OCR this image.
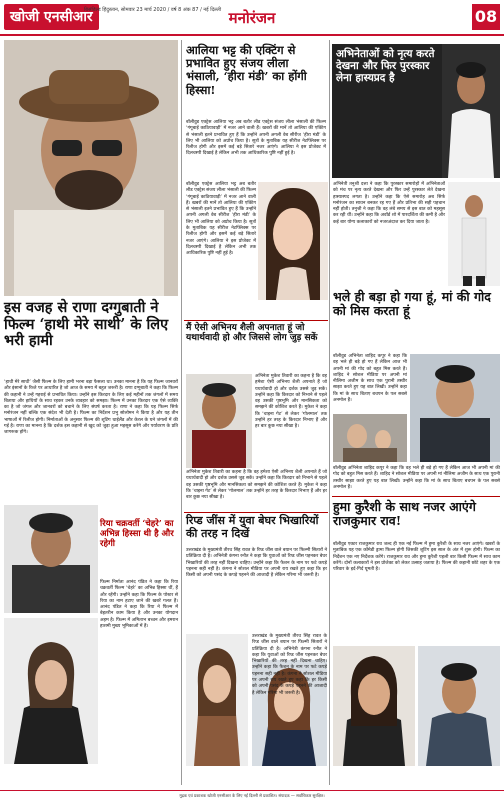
खोजी एनसीआर
बिसंडिल्ड हिंदुस्तान, सोमवार 23 मार्च 2020 / वर्ष 8 अंक 87 / नई दिल्ली मनोरंजन	08
इस वजह से राणा दग्गुबाती ने फिल्म ‘हाथी मेरे साथी’ के लिए भरी हामी
‘हाथी मेरे साथी’ जैसी फिल्म के लिए हामी भरना बड़ा फैसला था। उनका मानना है कि यह फिल्म जानवरों और इंसानों के रिश्ते पर आधारित है जो आज के समय में बहुत जरूरी है। राणा दग्गुबाती ने कहा कि फिल्म की कहानी ने उन्हें गहराई से प्रभावित किया। उन्होंने इस किरदार के लिए कई महीनों तक जंगलों में समय बिताया और हाथियों के साथ रहकर उनके व्यवहार को समझा। फिल्म में उनका किरदार एक ऐसे व्यक्ति का है जो जंगल और जानवरों को बचाने के लिए संघर्ष करता है। राणा ने कहा कि यह फिल्म सिर्फ मनोरंजन नहीं बल्कि एक संदेश भी देती है। फिल्म का निर्देशन प्रभु सोलोमन ने किया है और यह तीन भाषाओं में रिलीज होगी। निर्माताओं के अनुसार फिल्म की शूटिंग थाईलैंड और केरल के घने जंगलों में की गई है। राणा का मानना है कि दर्शक इस कहानी से खुद को जुड़ा हुआ महसूस करेंगे और पर्यावरण के प्रति जागरूक होंगे।
रिया चक्रवर्ती ‘चेहरे’ का अभिन्न हिस्सा थी है और रहेगी
फिल्म निर्माता आनंद पंडित ने कहा कि रिया चक्रवर्ती फिल्म ‘चेहरे’ का अभिन्न हिस्सा थीं, हैं और रहेंगी। उन्होंने कहा कि फिल्म के पोस्टर से रिया का नाम हटाए जाने की खबरें गलत हैं। आनंद पंडित ने कहा कि रिया ने फिल्म में बेहतरीन काम किया है और उनका योगदान अहम है। फिल्म में अमिताभ बच्चन और इमरान हाशमी मुख्य भूमिकाओं में हैं।
आलिया भट्ट की एक्टिंग से प्रभावित हुए संजय लीला भंसाली, ‘हीरा मंडी’ का होंगी हिस्सा!
बॉलीवुड एक्ट्रेस आलिया भट्ट अब बतौर लीड एक्ट्रेस संजय लीला भंसाली की फिल्म ‘गंगूबाई काठियावाड़ी’ में नजर आने वाली हैं। खबरों की मानें तो आलिया की एक्टिंग से भंसाली इतने प्रभावित हुए हैं कि उन्होंने अपनी अगली वेब सीरीज ‘हीरा मंडी’ के लिए भी आलिया को अप्रोच किया है। सूत्रों के मुताबिक यह सीरीज नेटफ्लिक्स पर रिलीज होगी और इसमें कई बड़े सितारे नजर आएंगे। आलिया ने इस प्रोजेक्ट में दिलचस्पी दिखाई है लेकिन अभी तक आधिकारिक पुष्टि नहीं हुई है।
बॉलीवुड एक्ट्रेस आलिया भट्ट अब बतौर लीड एक्ट्रेस संजय लीला भंसाली की फिल्म ‘गंगूबाई काठियावाड़ी’ में नजर आने वाली हैं। खबरों की मानें तो आलिया की एक्टिंग से भंसाली इतने प्रभावित हुए हैं कि उन्होंने अपनी अगली वेब सीरीज ‘हीरा मंडी’ के लिए भी आलिया को अप्रोच किया है। सूत्रों के मुताबिक यह सीरीज नेटफ्लिक्स पर रिलीज होगी और इसमें कई बड़े सितारे नजर आएंगे। आलिया ने इस प्रोजेक्ट में दिलचस्पी दिखाई है लेकिन अभी तक आधिकारिक पुष्टि नहीं हुई है।
मैं ऐसी अभिनय शैली अपनाता हूं जो यथार्थवादी हो और जिससे लोग जुड़ सकें
अभिनेता मुकेश तिवारी का कहना है कि वह हमेशा ऐसी अभिनय शैली अपनाते हैं जो यथार्थवादी हो और दर्शक उससे जुड़ सकें। उन्होंने कहा कि किरदार को निभाने से पहले वह उसकी पृष्ठभूमि और मानसिकता को समझने की कोशिश करते हैं। मुकेश ने कहा कि ‘चाइना गेट’ से लेकर ‘गोलमाल’ तक उन्होंने हर तरह के किरदार निभाए हैं और हर बार कुछ नया सीखा है।
अभिनेता मुकेश तिवारी का कहना है कि वह हमेशा ऐसी अभिनय शैली अपनाते हैं जो यथार्थवादी हो और दर्शक उससे जुड़ सकें। उन्होंने कहा कि किरदार को निभाने से पहले वह उसकी पृष्ठभूमि और मानसिकता को समझने की कोशिश करते हैं। मुकेश ने कहा कि ‘चाइना गेट’ से लेकर ‘गोलमाल’ तक उन्होंने हर तरह के किरदार निभाए हैं और हर बार कुछ नया सीखा है।
रिप्ड जींस में युवा बेघर भिखारियों की तरह न दिखें
उत्तराखंड के मुख्यमंत्री तीरथ सिंह रावत के रिप्ड जींस वाले बयान पर फिल्मी सितारों ने प्रतिक्रिया दी है। अभिनेत्री कंगना रनौत ने कहा कि युवाओं को रिप्ड जींस पहनकर बेघर भिखारियों की तरह नहीं दिखना चाहिए। उन्होंने कहा कि फैशन के नाम पर फटे कपड़े पहनना सही नहीं है। कंगना ने सोशल मीडिया पर अपनी राय रखते हुए कहा कि हर किसी को अपनी पसंद के कपड़े पहनने की आजादी है लेकिन गरिमा भी जरूरी है।
उत्तराखंड के मुख्यमंत्री तीरथ सिंह रावत के रिप्ड जींस वाले बयान पर फिल्मी सितारों ने प्रतिक्रिया दी है। अभिनेत्री कंगना रनौत ने कहा कि युवाओं को रिप्ड जींस पहनकर बेघर भिखारियों की तरह नहीं दिखना चाहिए। उन्होंने कहा कि फैशन के नाम पर फटे कपड़े पहनना सही नहीं है। कंगना ने सोशल मीडिया पर अपनी राय रखते हुए कहा कि हर किसी को अपनी पसंद के कपड़े पहनने की आजादी है लेकिन गरिमा भी जरूरी है।
अभिनेताओं को नृत्य करते देखना और फिर पुरस्कार लेना हास्यप्रद है
अभिनेत्री तनुश्री दत्ता ने कहा कि पुरस्कार समारोहों में अभिनेताओं को मंच पर नृत्य करते देखना और फिर उन्हें पुरस्कार लेते देखना हास्यास्पद लगता है। उन्होंने कहा कि ऐसे समारोह अब सिर्फ मनोरंजन का साधन बनकर रह गए हैं और प्रतिभा की सही पहचान नहीं होती। तनुश्री ने कहा कि वह लंबे समय से इस बात को महसूस कर रही थीं। उन्होंने कहा कि अवॉर्ड शो में पारदर्शिता की कमी है और कई बार योग्य कलाकारों को नजरअंदाज कर दिया जाता है।
भले ही बड़ा हो गया हूं, मां की गोद को मिस करता हूं
बॉलीवुड अभिनेता शाहिद कपूर ने कहा कि वह भले ही बड़े हो गए हैं लेकिन आज भी अपनी मां की गोद को बहुत मिस करते हैं। शाहिद ने सोशल मीडिया पर अपनी मां नीलिमा अजीम के साथ एक पुरानी तस्वीर साझा करते हुए यह बात लिखी। उन्होंने कहा कि मां के साथ बिताए बचपन के पल सबसे अनमोल हैं।
बॉलीवुड अभिनेता शाहिद कपूर ने कहा कि वह भले ही बड़े हो गए हैं लेकिन आज भी अपनी मां की गोद को बहुत मिस करते हैं। शाहिद ने सोशल मीडिया पर अपनी मां नीलिमा अजीम के साथ एक पुरानी तस्वीर साझा करते हुए यह बात लिखी। उन्होंने कहा कि मां के साथ बिताए बचपन के पल सबसे अनमोल हैं।
हुमा कुरैशी के साथ नजर आएंगे राजकुमार राव!
बॉलीवुड एक्टर राजकुमार राव जल्द ही एक नई फिल्म में हुमा कुरैशी के साथ नजर आएंगे। खबरों के मुताबिक यह एक कॉमेडी ड्रामा फिल्म होगी जिसकी शूटिंग इस साल के अंत में शुरू होगी। फिल्म का निर्देशन एक नए निर्देशक करेंगे। राजकुमार राव और हुमा कुरैशी पहली बार किसी फिल्म में साथ काम करेंगे। दोनों कलाकारों ने इस प्रोजेक्ट को लेकर उत्साह जताया है। फिल्म की कहानी छोटे शहर के एक परिवार के इर्द-गिर्द घूमती है।
मुद्रक एवं प्रकाशक खोजी एनसीआर के लिए नई दिल्ली से प्रकाशित। संपादक — सर्वाधिकार सुरक्षित।
